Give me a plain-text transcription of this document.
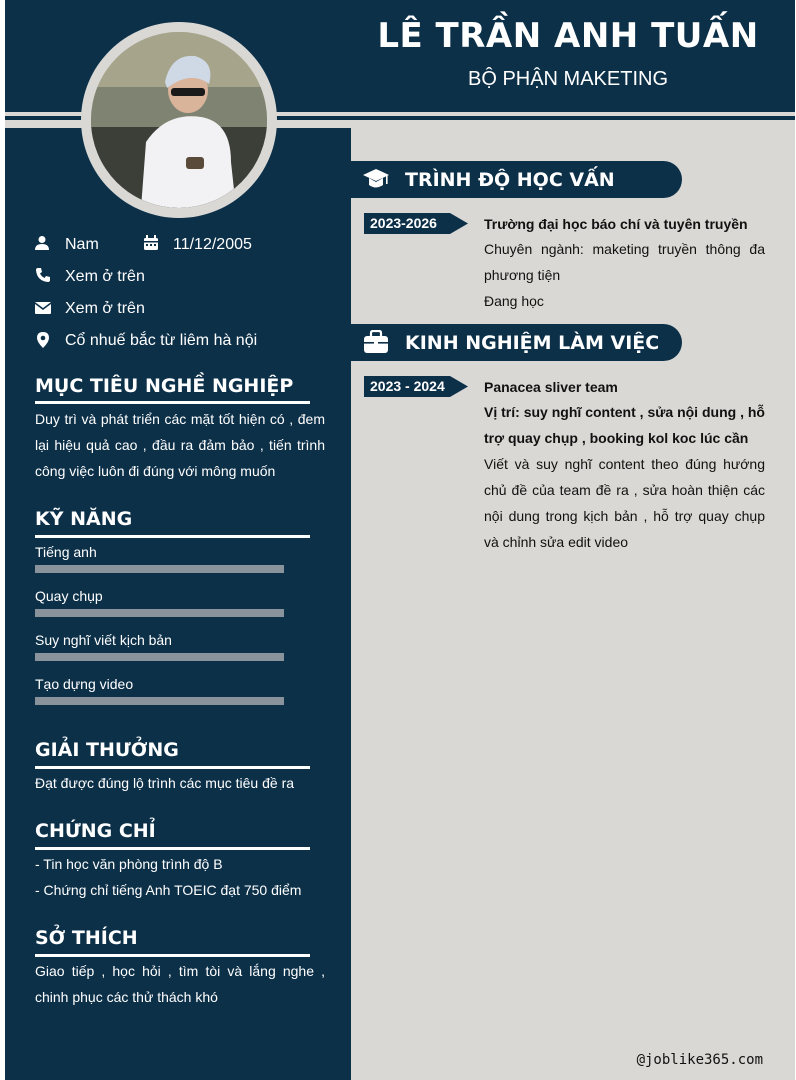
LÊ TRẦN ANH TUẤN
BỘ PHẬN MAKETING
Nam	11/12/2005
Xem ở trên
Xem ở trên
Cổ nhuế bắc từ liêm hà nội
MỤC TIÊU NGHỀ NGHIỆP
Duy trì và phát triển các mặt tốt hiện có , đem lại hiệu quả cao , đầu ra đảm bảo , tiến trình công việc luôn đi đúng với mông muốn
KỸ NĂNG
Tiếng anh
Quay chụp
Suy nghĩ viết kịch bản
Tạo dựng video
GIẢI THƯỞNG
Đạt được đúng lộ trình các mục tiêu đề ra
CHỨNG CHỈ
- Tin học văn phòng trình độ B
- Chứng chỉ tiếng Anh TOEIC đạt 750 điểm
SỞ THÍCH
Giao tiếp , học hỏi , tìm tòi và lắng nghe , chinh phục các thử thách khó
TRÌNH ĐỘ HỌC VẤN
2023-2026	Trường đại học báo chí và tuyên truyền
Chuyên ngành: maketing truyền thông đa phương tiện
Đang học
KINH NGHIỆM LÀM VIỆC
2023 - 2024	Panacea sliver team
Vị trí: suy nghĩ content , sửa nội dung , hỗ trợ quay chụp , booking kol koc lúc cần
Viết và suy nghĩ content theo đúng hướng chủ đề của team đề ra , sửa hoàn thiện các nội dung trong kịch bản , hỗ trợ quay chụp và chỉnh sửa edit video
@joblike365.com
